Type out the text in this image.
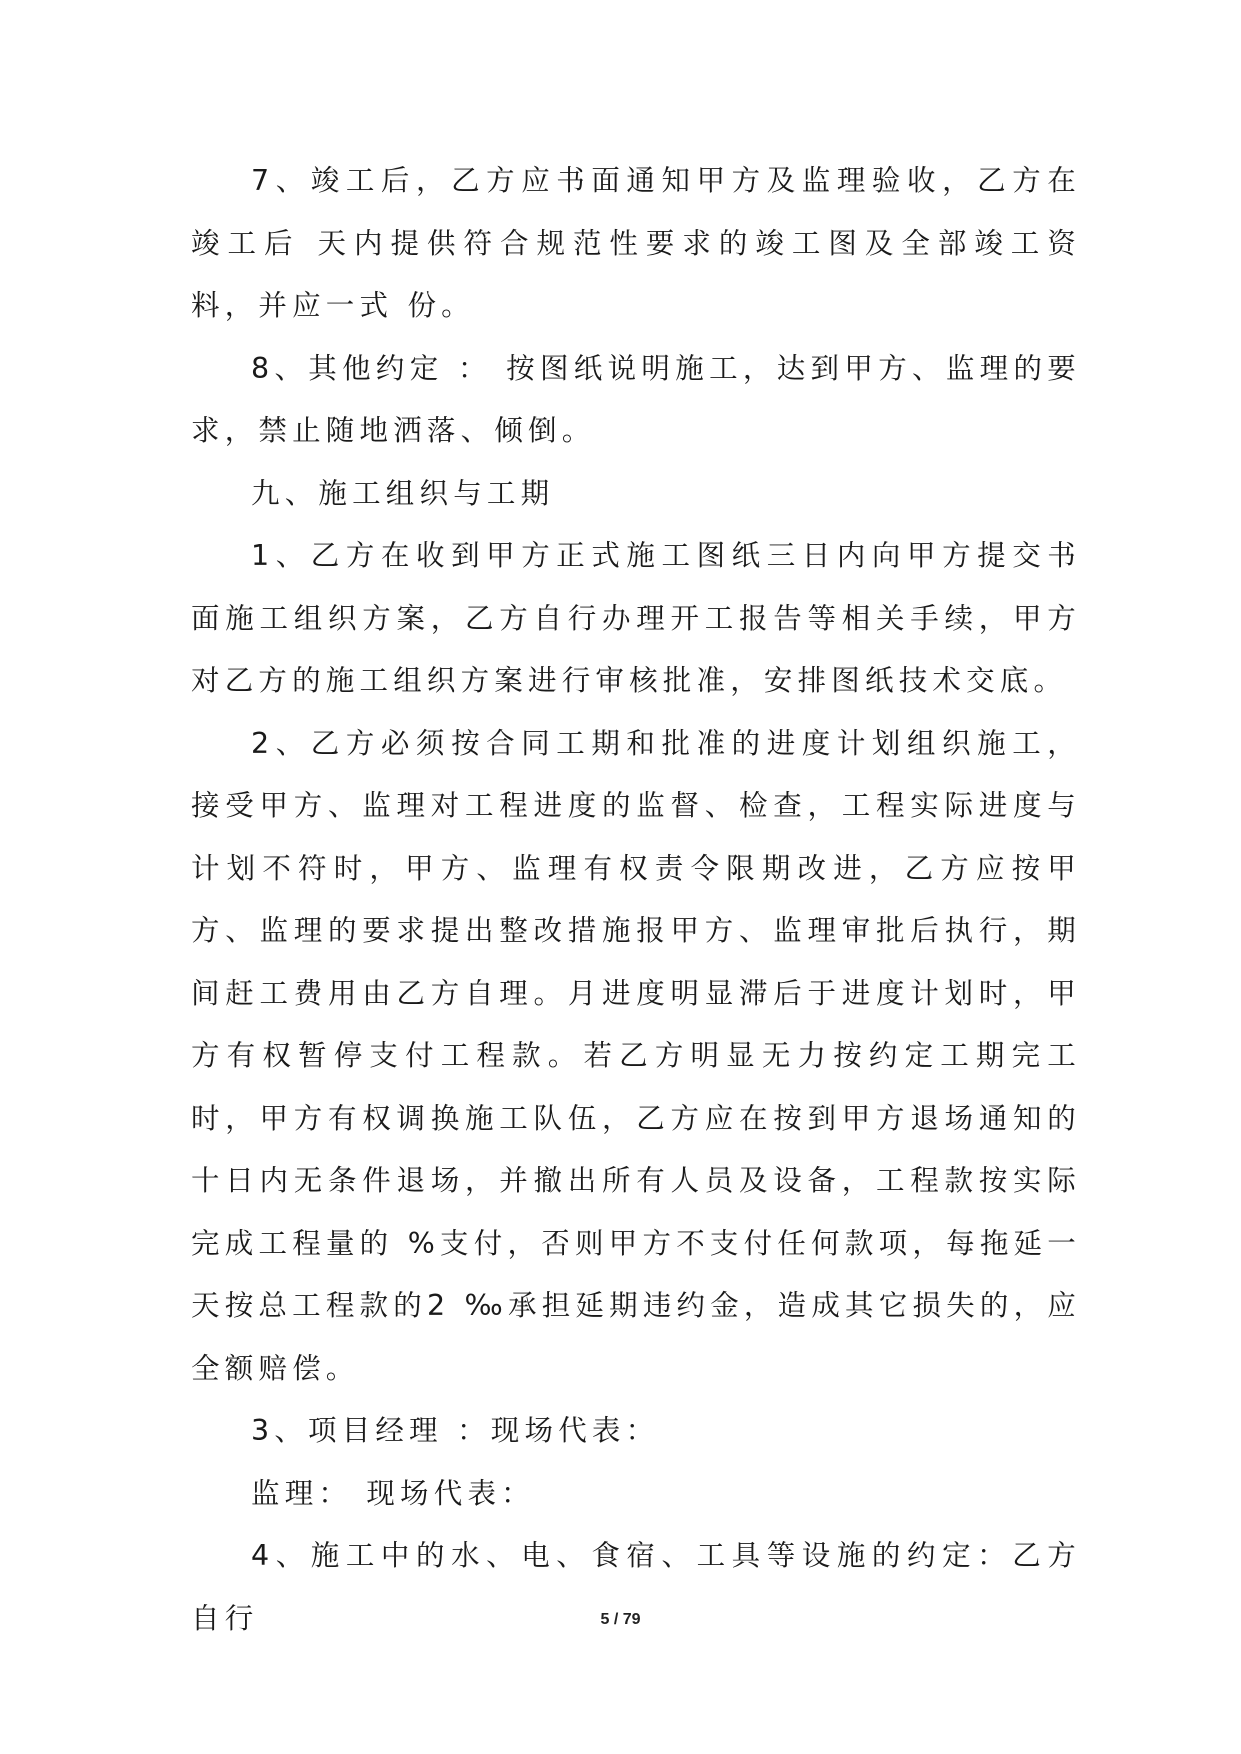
7、竣工后，乙方应书面通知甲方及监理验收，乙方在竣工后 天内提供符合规范性要求的竣工图及全部竣工资料，并应一式 份。

8、其他约定 ： 按图纸说明施工，达到甲方、监理的要求，禁止随地洒落、倾倒。

九、施工组织与工期

1、乙方在收到甲方正式施工图纸三日内向甲方提交书面施工组织方案，乙方自行办理开工报告等相关手续，甲方对乙方的施工组织方案进行审核批准，安排图纸技术交底。

2、乙方必须按合同工期和批准的进度计划组织施工，接受甲方、监理对工程进度的监督、检查，工程实际进度与计划不符时，甲方、监理有权责令限期改进，乙方应按甲方、监理的要求提出整改措施报甲方、监理审批后执行，期间赶工费用由乙方自理。月进度明显滞后于进度计划时，甲方有权暂停支付工程款。若乙方明显无力按约定工期完工时，甲方有权调换施工队伍，乙方应在按到甲方退场通知的十日内无条件退场，并撤出所有人员及设备，工程款按实际完成工程量的 %支付，否则甲方不支付任何款项，每拖延一天按总工程款的2 ‰承担延期违约金，造成其它损失的，应全额赔偿。

3、项目经理 ：现场代表：

监理： 现场代表：

4、施工中的水、电、食宿、工具等设施的约定：乙方自行	5 / 79
